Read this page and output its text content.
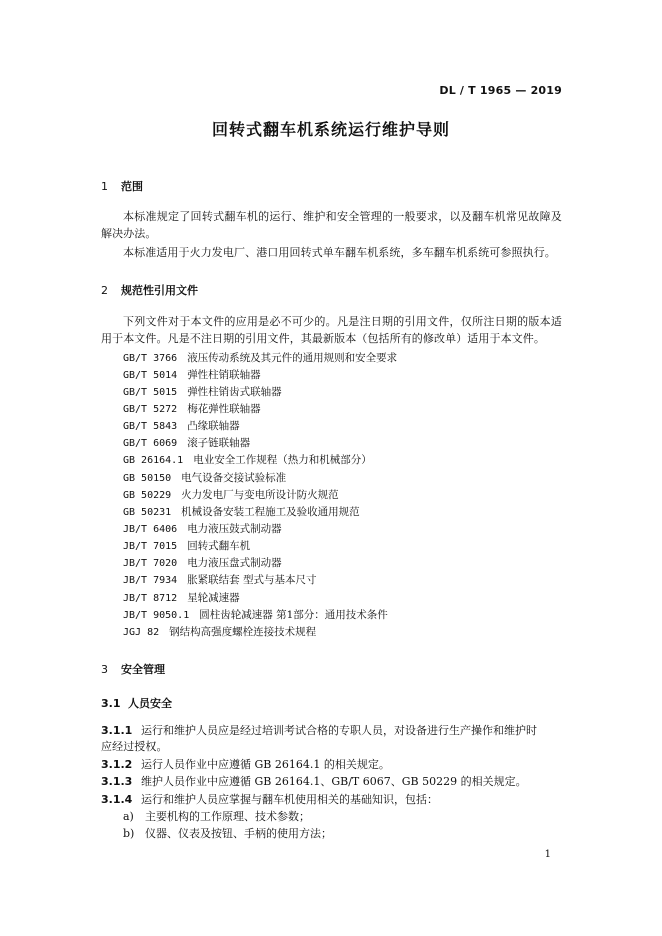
DL / T 1965 — 2019
回转式翻车机系统运行维护导则
1 范围
本标准规定了回转式翻车机的运行、维护和安全管理的一般要求，以及翻车机常见故障及解决办法。
本标准适用于火力发电厂、港口用回转式单车翻车机系统，多车翻车机系统可参照执行。
2 规范性引用文件
下列文件对于本文件的应用是必不可少的。凡是注日期的引用文件，仅所注日期的版本适用于本文件。凡是不注日期的引用文件，其最新版本（包括所有的修改单）适用于本文件。
GB/T 3766 液压传动系统及其元件的通用规则和安全要求
GB/T 5014 弹性柱销联轴器
GB/T 5015 弹性柱销齿式联轴器
GB/T 5272 梅花弹性联轴器
GB/T 5843 凸缘联轴器
GB/T 6069 滚子链联轴器
GB 26164.1 电业安全工作规程（热力和机械部分）
GB 50150 电气设备交接试验标准
GB 50229 火力发电厂与变电所设计防火规范
GB 50231 机械设备安装工程施工及验收通用规范
JB/T 6406 电力液压鼓式制动器
JB/T 7015 回转式翻车机
JB/T 7020 电力液压盘式制动器
JB/T 7934 胀紧联结套 型式与基本尺寸
JB/T 8712 星轮减速器
JB/T 9050.1 圆柱齿轮减速器 第1部分：通用技术条件
JGJ 82 钢结构高强度螺栓连接技术规程
3 安全管理
3.1 人员安全
3.1.1 运行和维护人员应是经过培训考试合格的专职人员，对设备进行生产操作和维护时
应经过授权。
3.1.2 运行人员作业中应遵循 GB 26164.1 的相关规定。
3.1.3 维护人员作业中应遵循 GB 26164.1、GB/T 6067、GB 50229 的相关规定。
3.1.4 运行和维护人员应掌握与翻车机使用相关的基础知识，包括：
a) 主要机构的工作原理、技术参数；
b) 仪器、仪表及按钮、手柄的使用方法；
1
